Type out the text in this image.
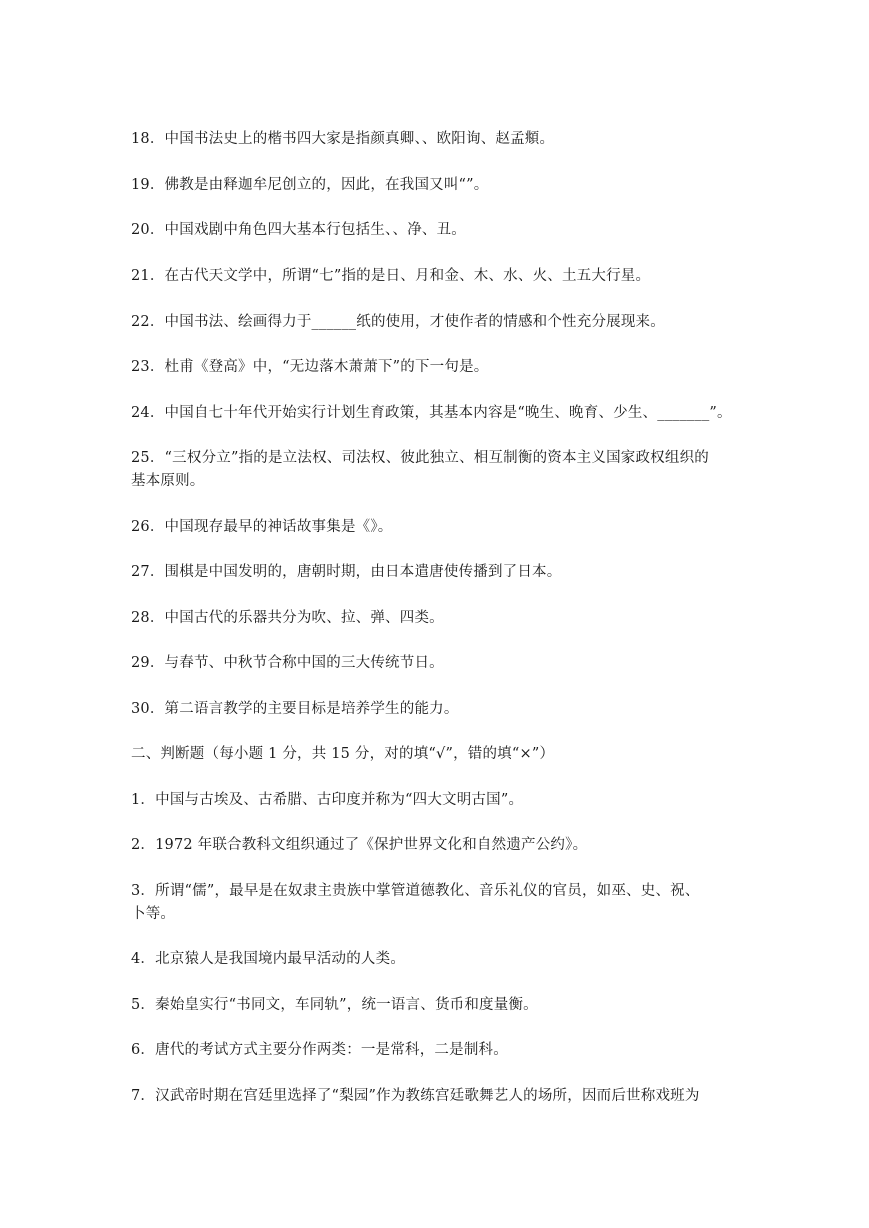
18．中国书法史上的楷书四大家是指颜真卿、、欧阳询、赵孟頫。
19．佛教是由释迦牟尼创立的，因此，在我国又叫“”。
20．中国戏剧中角色四大基本行包括生、、净、丑。
21．在古代天文学中，所谓“七”指的是日、月和金、木、水、火、土五大行星。
22．中国书法、绘画得力于______纸的使用，才使作者的情感和个性充分展现来。
23．杜甫《登高》中，“无边落木萧萧下”的下一句是。
24．中国自七十年代开始实行计划生育政策，其基本内容是“晚生、晚育、少生、_______”。
25．“三权分立”指的是立法权、司法权、彼此独立、相互制衡的资本主义国家政权组织的
基本原则。
26．中国现存最早的神话故事集是《》。
27．围棋是中国发明的，唐朝时期，由日本遣唐使传播到了日本。
28．中国古代的乐器共分为吹、拉、弹、四类。
29．与春节、中秋节合称中国的三大传统节日。
30．第二语言教学的主要目标是培养学生的能力。
二、判断题（每小题 1 分，共 15 分，对的填“√”，错的填“×”）
1．中国与古埃及、古希腊、古印度并称为“四大文明古国”。
2．1972 年联合教科文组织通过了《保护世界文化和自然遗产公约》。
3．所谓“儒”，最早是在奴隶主贵族中掌管道德教化、音乐礼仪的官员，如巫、史、祝、
卜等。
4．北京猿人是我国境内最早活动的人类。
5．秦始皇实行“书同文，车同轨”，统一语言、货币和度量衡。
6．唐代的考试方式主要分作两类：一是常科，二是制科。
7．汉武帝时期在宫廷里选择了“梨园”作为教练宫廷歌舞艺人的场所，因而后世称戏班为
